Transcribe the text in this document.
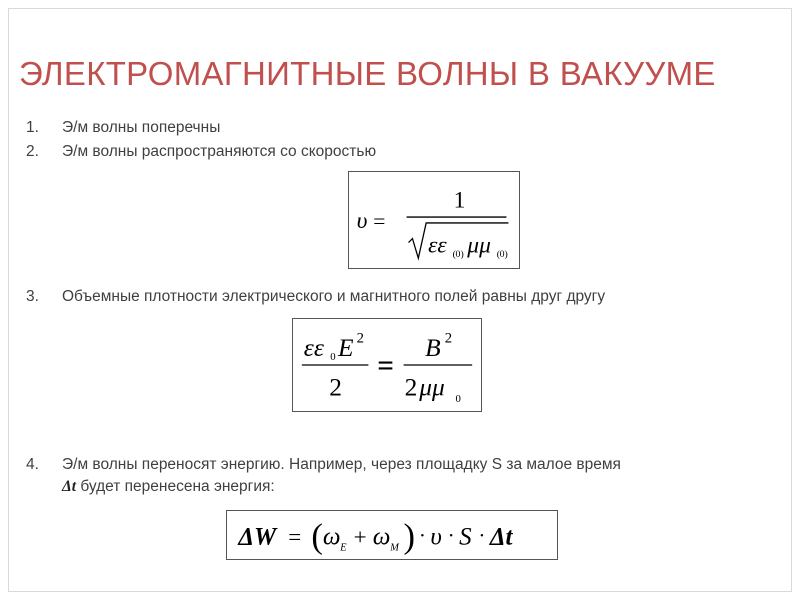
ЭЛЕКТРОМАГНИТНЫЕ ВОЛНЫ В ВАКУУМЕ
1. Э/м волны поперечны
2. Э/м волны распространяются со скоростью
υ =
1
εε ( 0 ) μμ ( 0 )
3. Объемные плотности электрического и магнитного полей равны друг другу
εε 0 E 2
2
=
B 2
2 μμ 0
4. Э/м волны переносят энергию. Например, через площадку S за малое время
Δt будет перенесена энергия:
ΔW = ( ω E + ω M ) · υ · S · Δt
